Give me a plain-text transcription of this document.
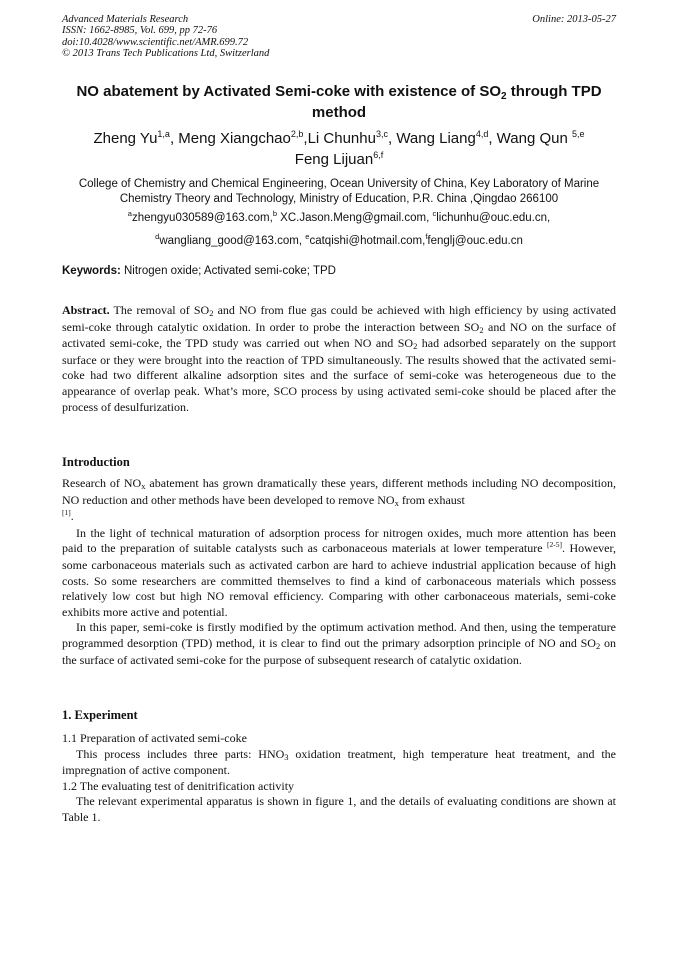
Advanced Materials Research
ISSN: 1662-8985, Vol. 699, pp 72-76
doi:10.4028/www.scientific.net/AMR.699.72
© 2013 Trans Tech Publications Ltd, Switzerland
Online: 2013-05-27
NO abatement by Activated Semi-coke with existence of $SO_2$ through TPD method
Zheng Yu$^{1,a}$, Meng Xiangchao$^{2,b}$,Li Chunhu$^{3,c}$, Wang Liang$^{4,d}$, Wang Qun $^{5,e}$
Feng Lijuan$^{6,f}$
College of Chemistry and Chemical Engineering, Ocean University of China, Key Laboratory of Marine Chemistry Theory and Technology, Ministry of Education, P.R. China ,Qingdao 266100
$^a$zhengyu030589@163.com,$^b$ XC.Jason.Meng@gmail.com, $^c$lichunhu@ouc.edu.cn,
$^d$wangliang_good@163.com, $^e$catqishi@hotmail.com,$^f$fenglj@ouc.edu.cn
Keywords: Nitrogen oxide; Activated semi-coke; TPD
Abstract. The removal of $SO_2$ and NO from flue gas could be achieved with high efficiency by using activated semi-coke through catalytic oxidation. In order to probe the interaction between $SO_2$ and NO on the surface of activated semi-coke, the TPD study was carried out when NO and $SO_2$ had adsorbed separately on the support surface or they were brought into the reaction of TPD simultaneously. The results showed that the activated semi-coke had two different alkaline adsorption sites and the surface of semi-coke was heterogeneous due to the appearance of overlap peak. What’s more, SCO process by using activated semi-coke should be placed after the process of desulfurization.
Introduction
Research of $NO_x$ abatement has grown dramatically these years, different methods including NO decomposition, NO reduction and other methods have been developed to remove $NO_x$ from exhaust
[1].
In the light of technical maturation of adsorption process for nitrogen oxides, much more attention has been paid to the preparation of suitable catalysts such as carbonaceous materials at lower temperature [2-5]. However, some carbonaceous materials such as activated carbon are hard to achieve industrial application because of high costs. So some researchers are committed themselves to find a kind of carbonaceous materials which possess relatively low cost but high NO removal efficiency. Comparing with other carbonaceous materials, semi-coke exhibits more active and potential.
In this paper, semi-coke is firstly modified by the optimum activation method. And then, using the temperature programmed desorption (TPD) method, it is clear to find out the primary adsorption principle of NO and $SO_2$ on the surface of activated semi-coke for the purpose of subsequent research of catalytic oxidation.
1. Experiment
1.1 Preparation of activated semi-coke
This process includes three parts: $HNO_3$ oxidation treatment, high temperature heat treatment, and the impregnation of active component.
1.2 The evaluating test of denitrification activity
The relevant experimental apparatus is shown in figure 1, and the details of evaluating conditions are shown at Table 1.
